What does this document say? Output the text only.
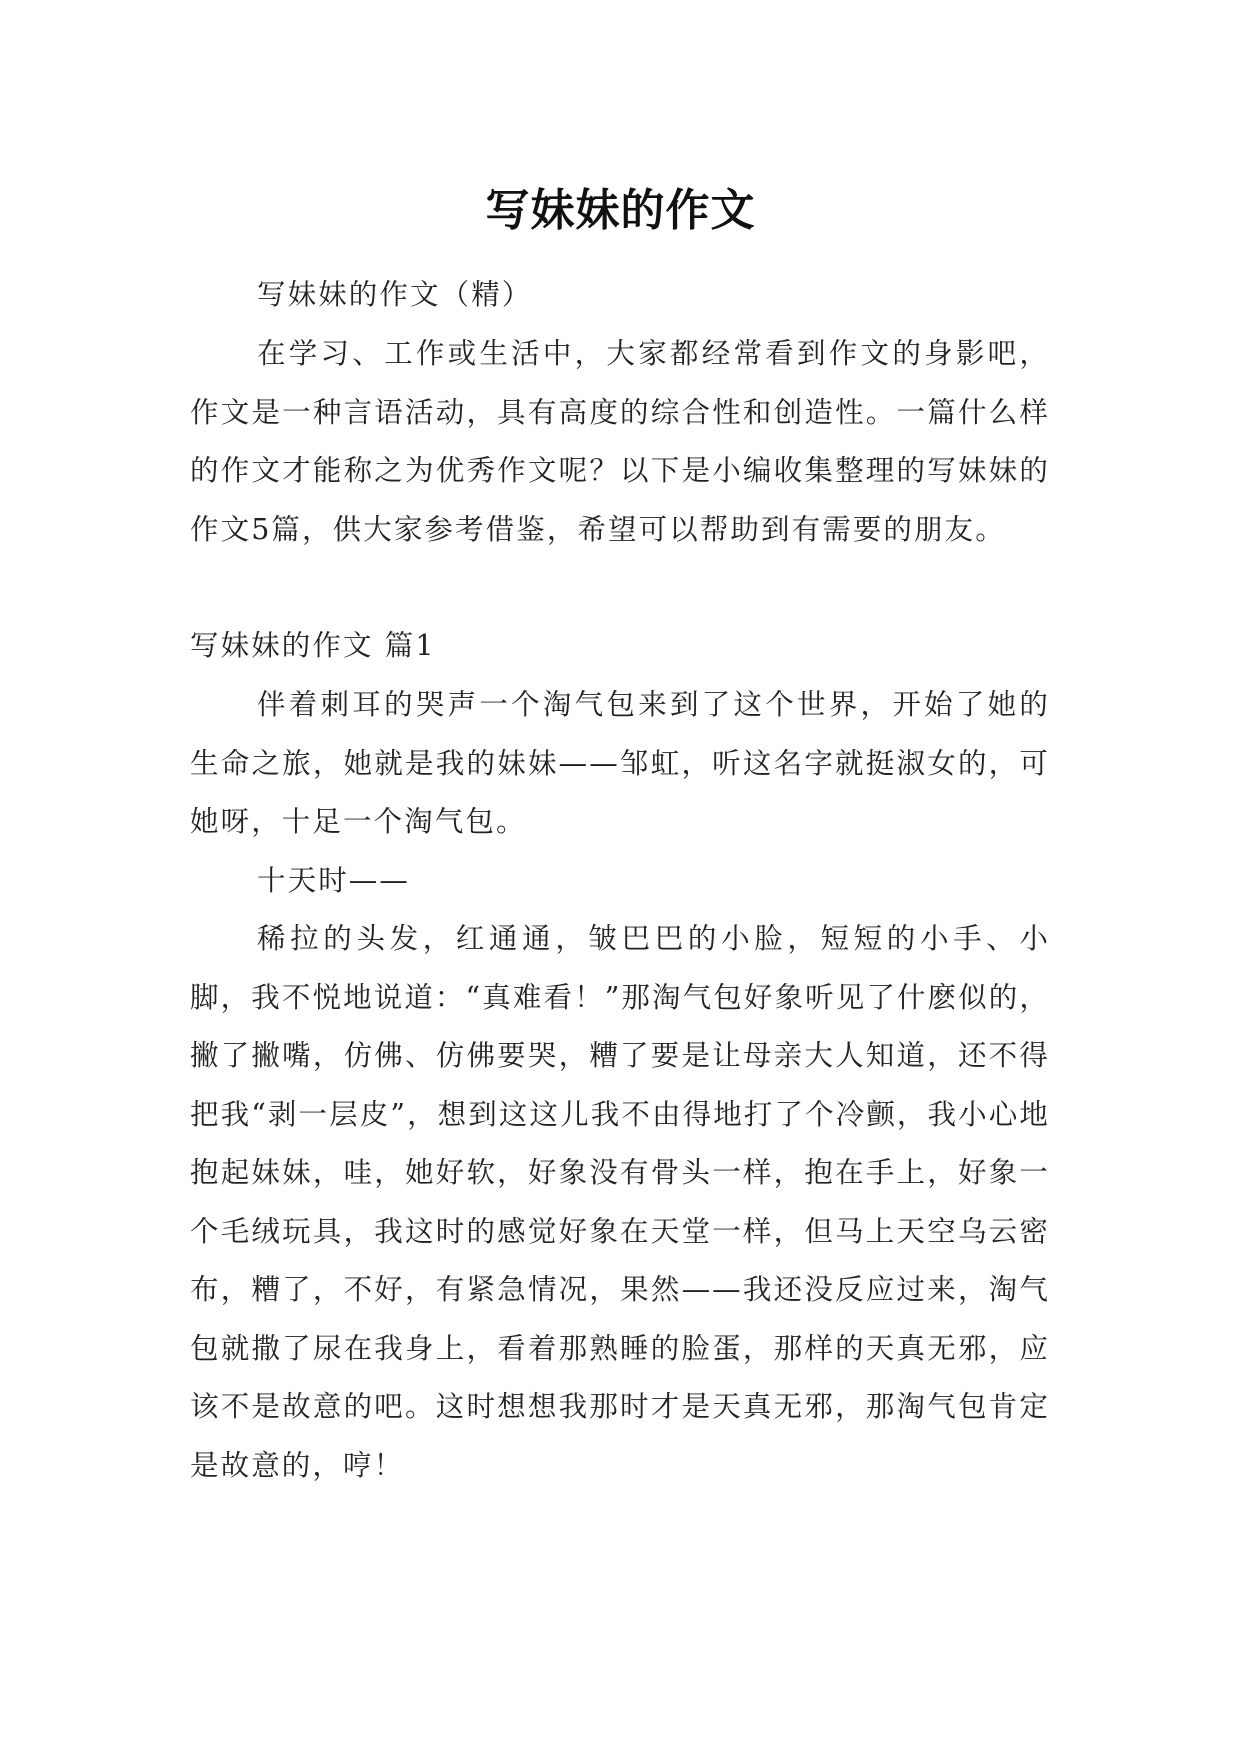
写妹妹的作文

写妹妹的作文（精）

在学习、工作或生活中，大家都经常看到作文的身影吧，作文是一种言语活动，具有高度的综合性和创造性。一篇什么样的作文才能称之为优秀作文呢？以下是小编收集整理的写妹妹的作文5篇，供大家参考借鉴，希望可以帮助到有需要的朋友。

写妹妹的作文 篇1

伴着刺耳的哭声一个淘气包来到了这个世界，开始了她的生命之旅，她就是我的妹妹——邹虹，听这名字就挺淑女的，可她呀，十足一个淘气包。

十天时——

稀拉的头发，红通通，皱巴巴的小脸，短短的小手、小脚，我不悦地说道：“真难看！”那淘气包好象听见了什麽似的，撇了撇嘴，仿佛、仿佛要哭，糟了要是让母亲大人知道，还不得把我“剥一层皮”，想到这这儿我不由得地打了个冷颤，我小心地抱起妹妹，哇，她好软，好象没有骨头一样，抱在手上，好象一个毛绒玩具，我这时的感觉好象在天堂一样，但马上天空乌云密布，糟了，不好，有紧急情况，果然——我还没反应过来，淘气包就撒了尿在我身上，看着那熟睡的脸蛋，那样的天真无邪，应该不是故意的吧。这时想想我那时才是天真无邪，那淘气包肯定是故意的，哼！
